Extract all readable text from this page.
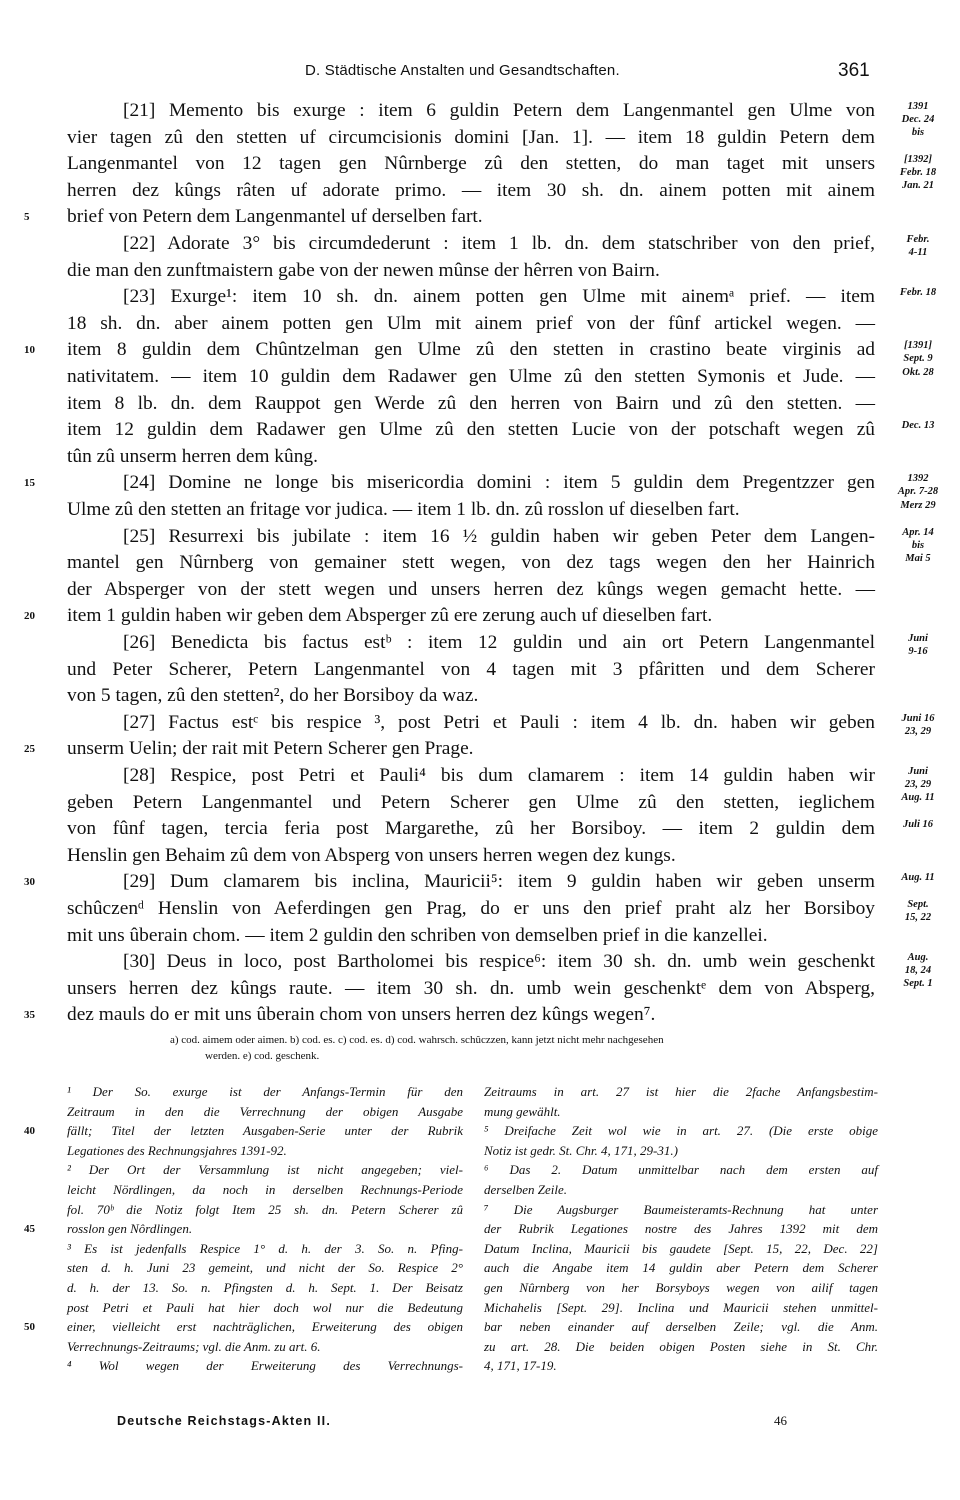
D. Städtische Anstalten und Gesandtschaften.	361
[21] Memento bis exurge : item 6 guldin Petern dem Langenmantel gen Ulme von
vier tagen zû den stetten uf circumcisionis domini [Jan. 1]. — item 18 guldin Petern dem
Langenmantel von 12 tagen gen Nûrnberge zû den stetten, do man taget mit unsers
herren dez kûngs râten uf adorate primo. — item 30 sh. dn. ainem potten mit ainem
brief von Petern dem Langenmantel uf derselben fart.
[22] Adorate 3° bis circumdederunt : item 1 lb. dn. dem statschriber von den prief,
die man den zunftmaistern gabe von der newen mûnse der hêrren von Bairn.
[23] Exurge¹: item 10 sh. dn. ainem potten gen Ulme mit ainemᵃ prief. — item
18 sh. dn. aber ainem potten gen Ulm mit ainem prief von der fûnf artickel wegen. —
item 8 guldin dem Chûntzelman gen Ulme zû den stetten in crastino beate virginis ad
nativitatem. — item 10 guldin dem Radawer gen Ulme zû den stetten Symonis et Jude. —
item 8 lb. dn. dem Rauppot gen Werde zû den herren von Bairn und zû den stetten. —
item 12 guldin dem Radawer gen Ulme zû den stetten Lucie von der potschaft wegen zû
tûn zû unserm herren dem kûng.
[24] Domine ne longe bis misericordia domini : item 5 guldin dem Pregentzzer gen
Ulme zû den stetten an fritage vor judica. — item 1 lb. dn. zû rosslon uf dieselben fart.
[25] Resurrexi bis jubilate : item 16 ½ guldin haben wir geben Peter dem Langen-
mantel gen Nûrnberg von gemainer stett wegen, von dez tags wegen den her Hainrich
der Absperger von der stett wegen und unsers herren dez kûngs wegen gemacht hette. —
item 1 guldin haben wir geben dem Absperger zû ere zerung auch uf dieselben fart.
[26] Benedicta bis factus estᵇ : item 12 guldin und ain ort Petern Langenmantel
und Peter Scherer, Petern Langenmantel von 4 tagen mit 3 pfâritten und dem Scherer
von 5 tagen, zû den stetten², do her Borsiboy da waz.
[27] Factus estᶜ bis respice ³, post Petri et Pauli : item 4 lb. dn. haben wir geben
unserm Uelin; der rait mit Petern Scherer gen Prage.
[28] Respice, post Petri et Pauli⁴ bis dum clamarem : item 14 guldin haben wir
geben Petern Langenmantel und Petern Scherer gen Ulme zû den stetten, ieglichem
von fûnf tagen, tercia feria post Margarethe, zû her Borsiboy. — item 2 guldin dem
Henslin gen Behaim zû dem von Absperg von unsers herren wegen dez kungs.
[29] Dum clamarem bis inclina, Mauricii⁵: item 9 guldin haben wir geben unserm
schûczenᵈ Henslin von Aeferdingen gen Prag, do er uns den prief praht alz her Borsiboy
mit uns ûberain chom. — item 2 guldin den schriben von demselben prief in die kanzellei.
[30] Deus in loco, post Bartholomei bis respice⁶: item 30 sh. dn. umb wein geschenkt
unsers herren dez kûngs raute. — item 30 sh. dn. umb wein geschenktᵉ dem von Absperg,
dez mauls do er mit uns ûberain chom von unsers herren dez kûngs wegen⁷.
1391
Dec. 24
bis
[1392]
Febr. 18
Jan. 21
Febr.
4-11
Febr. 18
[1391]
Sept. 9
Okt. 28
Dec. 13
1392
Apr. 7-28
Merz 29
Apr. 14
bis
Mai 5
Juni
9-16
Juni 16
23, 29
Juni
23, 29
Aug. 11
Juli 16
Aug. 11
Sept.
15, 22
Aug.
18, 24
Sept. 1

a) cod. aimem oder aimen. b) cod. es. c) cod. es. d) cod. wahrsch. schûczzen, kann jetzt nicht mehr nachgesehen

werden. e) cod. geschenk.

¹ Der So. exurge ist der Anfangs-Termin für den
Zeitraum in den die Verrechnung der obigen Ausgabe
fällt; Titel der letzten Ausgaben-Serie unter der Rubrik
Legationes des Rechnungsjahres 1391-92.
² Der Ort der Versammlung ist nicht angegeben; viel-
leicht Nördlingen, da noch in derselben Rechnungs-Periode
fol. 70ᵇ die Notiz folgt Item 25 sh. dn. Petern Scherer zû
rosslon gen Nôrdlingen.
³ Es ist jedenfalls Respice 1° d. h. der 3. So. n. Pfing-
sten d. h. Juni 23 gemeint, und nicht der So. Respice 2°
d. h. der 13. So. n. Pfingsten d. h. Sept. 1. Der Beisatz
post Petri et Pauli hat hier doch wol nur die Bedeutung
einer, vielleicht erst nachträglichen, Erweiterung des obigen
Verrechnungs-Zeitraums; vgl. die Anm. zu art. 6.
⁴ Wol wegen der Erweiterung des Verrechnungs-
Zeitraums in art. 27 ist hier die 2fache Anfangsbestim-
mung gewählt.
⁵ Dreifache Zeit wol wie in art. 27. (Die erste obige
Notiz ist gedr. St. Chr. 4, 171, 29-31.)
⁶ Das 2. Datum unmittelbar nach dem ersten auf
derselben Zeile.
⁷ Die Augsburger Baumeisteramts-Rechnung hat unter
der Rubrik Legationes nostre des Jahres 1392 mit dem
Datum Inclina, Mauricii bis gaudete [Sept. 15, 22, Dec. 22]
auch die Angabe item 14 guldin aber Petern dem Scherer
gen Nûrnberg von her Borsyboys wegen von ailif tagen
Michahelis [Sept. 29]. Inclina und Mauricii stehen unmittel-
bar neben einander auf derselben Zeile; vgl. die Anm.
zu art. 28. Die beiden obigen Posten siehe in St. Chr.
4, 171, 17-19.
40
45
50
Deutsche Reichstags-Akten II.	46
5
10
15
20
25
30
35
